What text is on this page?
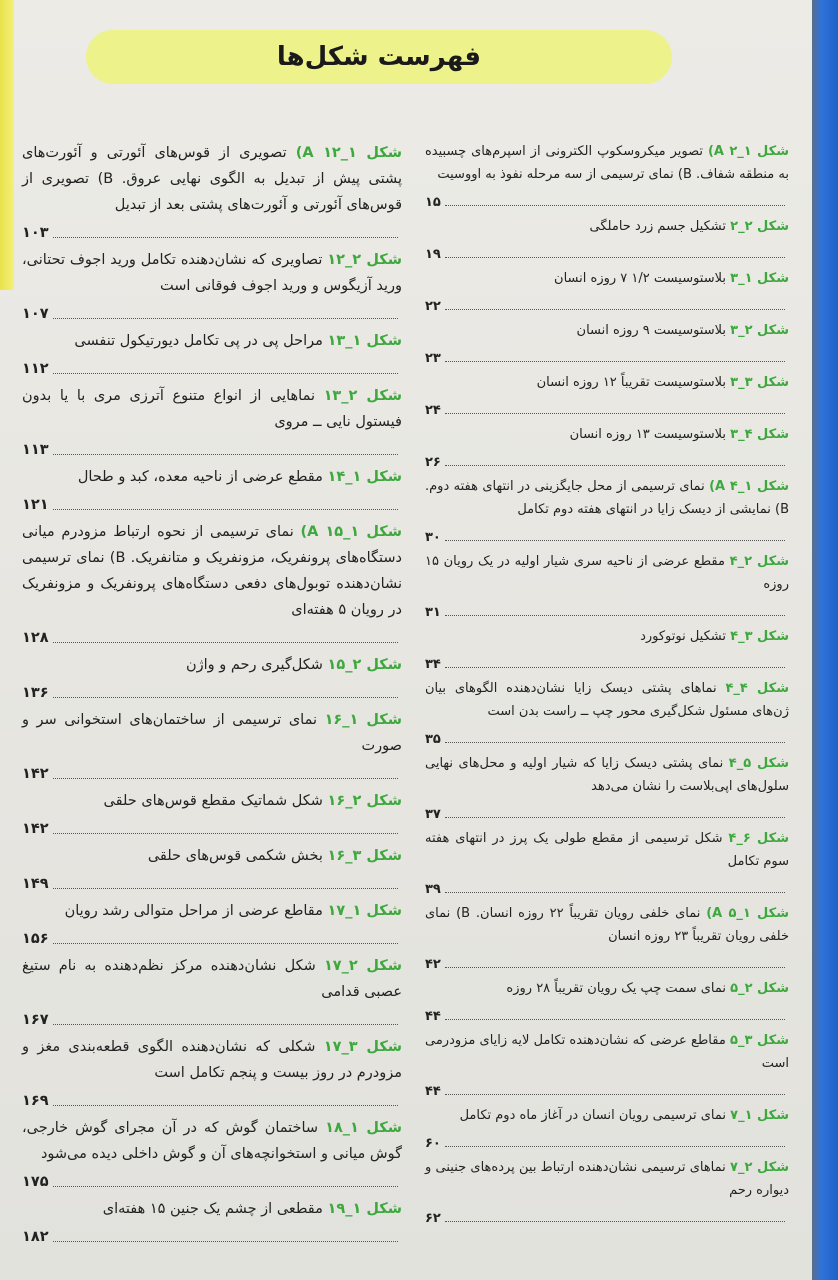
فهرست شکل‌ها
شکل ۱_۲ A) تصویر میکروسکوپ الکترونی از اسپرم‌های چسبیده به منطقه شفاف. B) نمای ترسیمی از سه مرحله نفوذ به اووسیت
۱۵
شکل ۲_۲ تشکیل جسم زرد حاملگی
۱۹
شکل ۱_۳ بلاستوسیست ۱/۲ ۷ روزه انسان
۲۲
شکل ۲_۳ بلاستوسیست ۹ روزه انسان
۲۳
شکل ۳_۳ بلاستوسیست تقریباً ۱۲ روزه انسان
۲۴
شکل ۴_۳ بلاستوسیست ۱۳ روزه انسان
۲۶
شکل ۱_۴ A) نمای ترسیمی از محل جایگزینی در انتهای هفته دوم. B) نمایشی از دیسک زایا در انتهای هفته دوم تکامل
۳۰
شکل ۲_۴ مقطع عرضی از ناحیه سری شیار اولیه در یک رویان ۱۵ روزه
۳۱
شکل ۳_۴ تشکیل نوتوکورد
۳۴
شکل ۴_۴ نماهای پشتی دیسک زایا نشان‌دهنده الگوهای بیان ژن‌های مسئول شکل‌گیری محور چپ ــ راست بدن است
۳۵
شکل ۵_۴ نمای پشتی دیسک زایا که شیار اولیه و محل‌های نهایی سلول‌های اپی‌بلاست را نشان می‌دهد
۳۷
شکل ۶_۴ شکل ترسیمی از مقطع طولی یک پرز در انتهای هفته سوم تکامل
۳۹
شکل ۱_۵ A) نمای خلفی رویان تقریباً ۲۲ روزه انسان. B) نمای خلفی رویان تقریباً ۲۳ روزه انسان
۴۲
شکل ۲_۵ نمای سمت چپ یک رویان تقریباً ۲۸ روزه
۴۴
شکل ۳_۵ مقاطع عرضی که نشان‌دهنده تکامل لایه زایای مزودرمی است
۴۴
شکل ۱_۷ نمای ترسیمی رویان انسان در آغاز ماه دوم تکامل
۶۰
شکل ۲_۷ نماهای ترسیمی نشان‌دهنده ارتباط بین پرده‌های جنینی و دیواره رحم
۶۲
شکل ۱_۱۲ A) تصویری از قوس‌های آئورتی و آئورت‌های پشتی پیش از تبدیل به الگوی نهایی عروق. B) تصویری از قوس‌های آئورتی و آئورت‌های پشتی بعد از تبدیل
۱۰۳
شکل ۲_۱۲ تصاویری که نشان‌دهنده تکامل ورید اجوف تحتانی، ورید آزیگوس و ورید اجوف فوقانی است
۱۰۷
شکل ۱_۱۳ مراحل پی در پی تکامل دیورتیکول تنفسی
۱۱۲
شکل ۲_۱۳ نماهایی از انواع متنوع آترزی مری با یا بدون فیستول نایی ــ مروی
۱۱۳
شکل ۱_۱۴ مقطع عرضی از ناحیه معده، کبد و طحال
۱۲۱
شکل ۱_۱۵ A) نمای ترسیمی از نحوه ارتباط مزودرم میانی دستگاه‌های پرونفریک، مزونفریک و متانفریک. B) نمای ترسیمی نشان‌دهنده توبول‌های دفعی دستگاه‌های پرونفریک و مزونفریک در رویان ۵ هفته‌ای
۱۲۸
شکل ۲_۱۵ شکل‌گیری رحم و واژن
۱۳۶
شکل ۱_۱۶ نمای ترسیمی از ساختمان‌های استخوانی سر و صورت
۱۴۲
شکل ۲_۱۶ شکل شماتیک مقطع قوس‌های حلقی
۱۴۲
شکل ۳_۱۶ بخش شکمی قوس‌های حلقی
۱۴۹
شکل ۱_۱۷ مقاطع عرضی از مراحل متوالی رشد رویان
۱۵۶
شکل ۲_۱۷ شکل نشان‌دهنده مرکز نظم‌دهنده به نام ستیغ عصبی قدامی
۱۶۷
شکل ۳_۱۷ شکلی که نشان‌دهنده الگوی قطعه‌بندی مغز و مزودرم در روز بیست و پنجم تکامل است
۱۶۹
شکل ۱_۱۸ ساختمان گوش که در آن مجرای گوش خارجی، گوش میانی و استخوانچه‌های آن و گوش داخلی دیده می‌شود
۱۷۵
شکل ۱_۱۹ مقطعی از چشم یک جنین ۱۵ هفته‌ای
۱۸۲
